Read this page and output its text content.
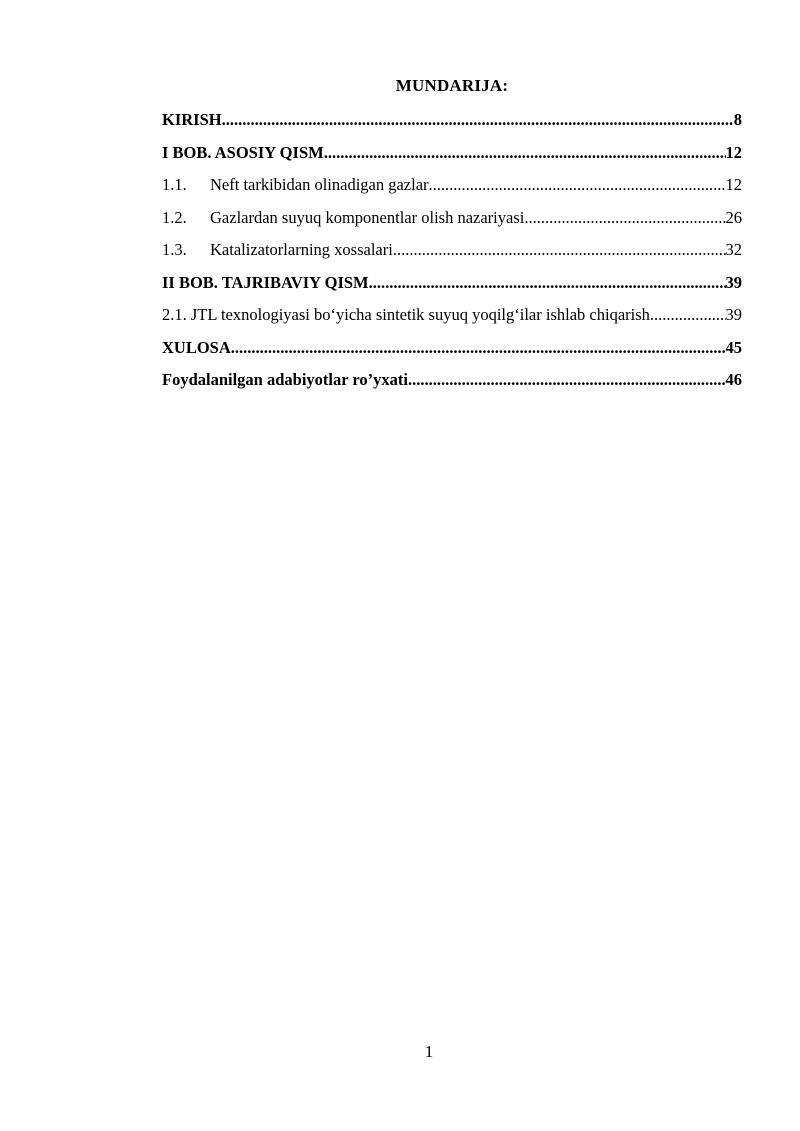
MUNDARIJA:
KIRISH .....	8
I BOB. ASOSIY QISM .....	12
1.1.	Neft tarkibidan olinadigan gazlar .....	12
1.2.	Gazlardan suyuq komponentlar olish nazariyasi .....	26
1.3.	Katalizatorlarning xossalari .....	32
II BOB. TAJRIBAVIY QISM .....	39
2.1. JTL texnologiyasi bo‘yicha sintetik suyuq yoqilg‘ilar ishlab chiqarish .....	39
XULOSA .....	45
Foydalanilgan adabiyotlar ro’yxati .....	46
1
